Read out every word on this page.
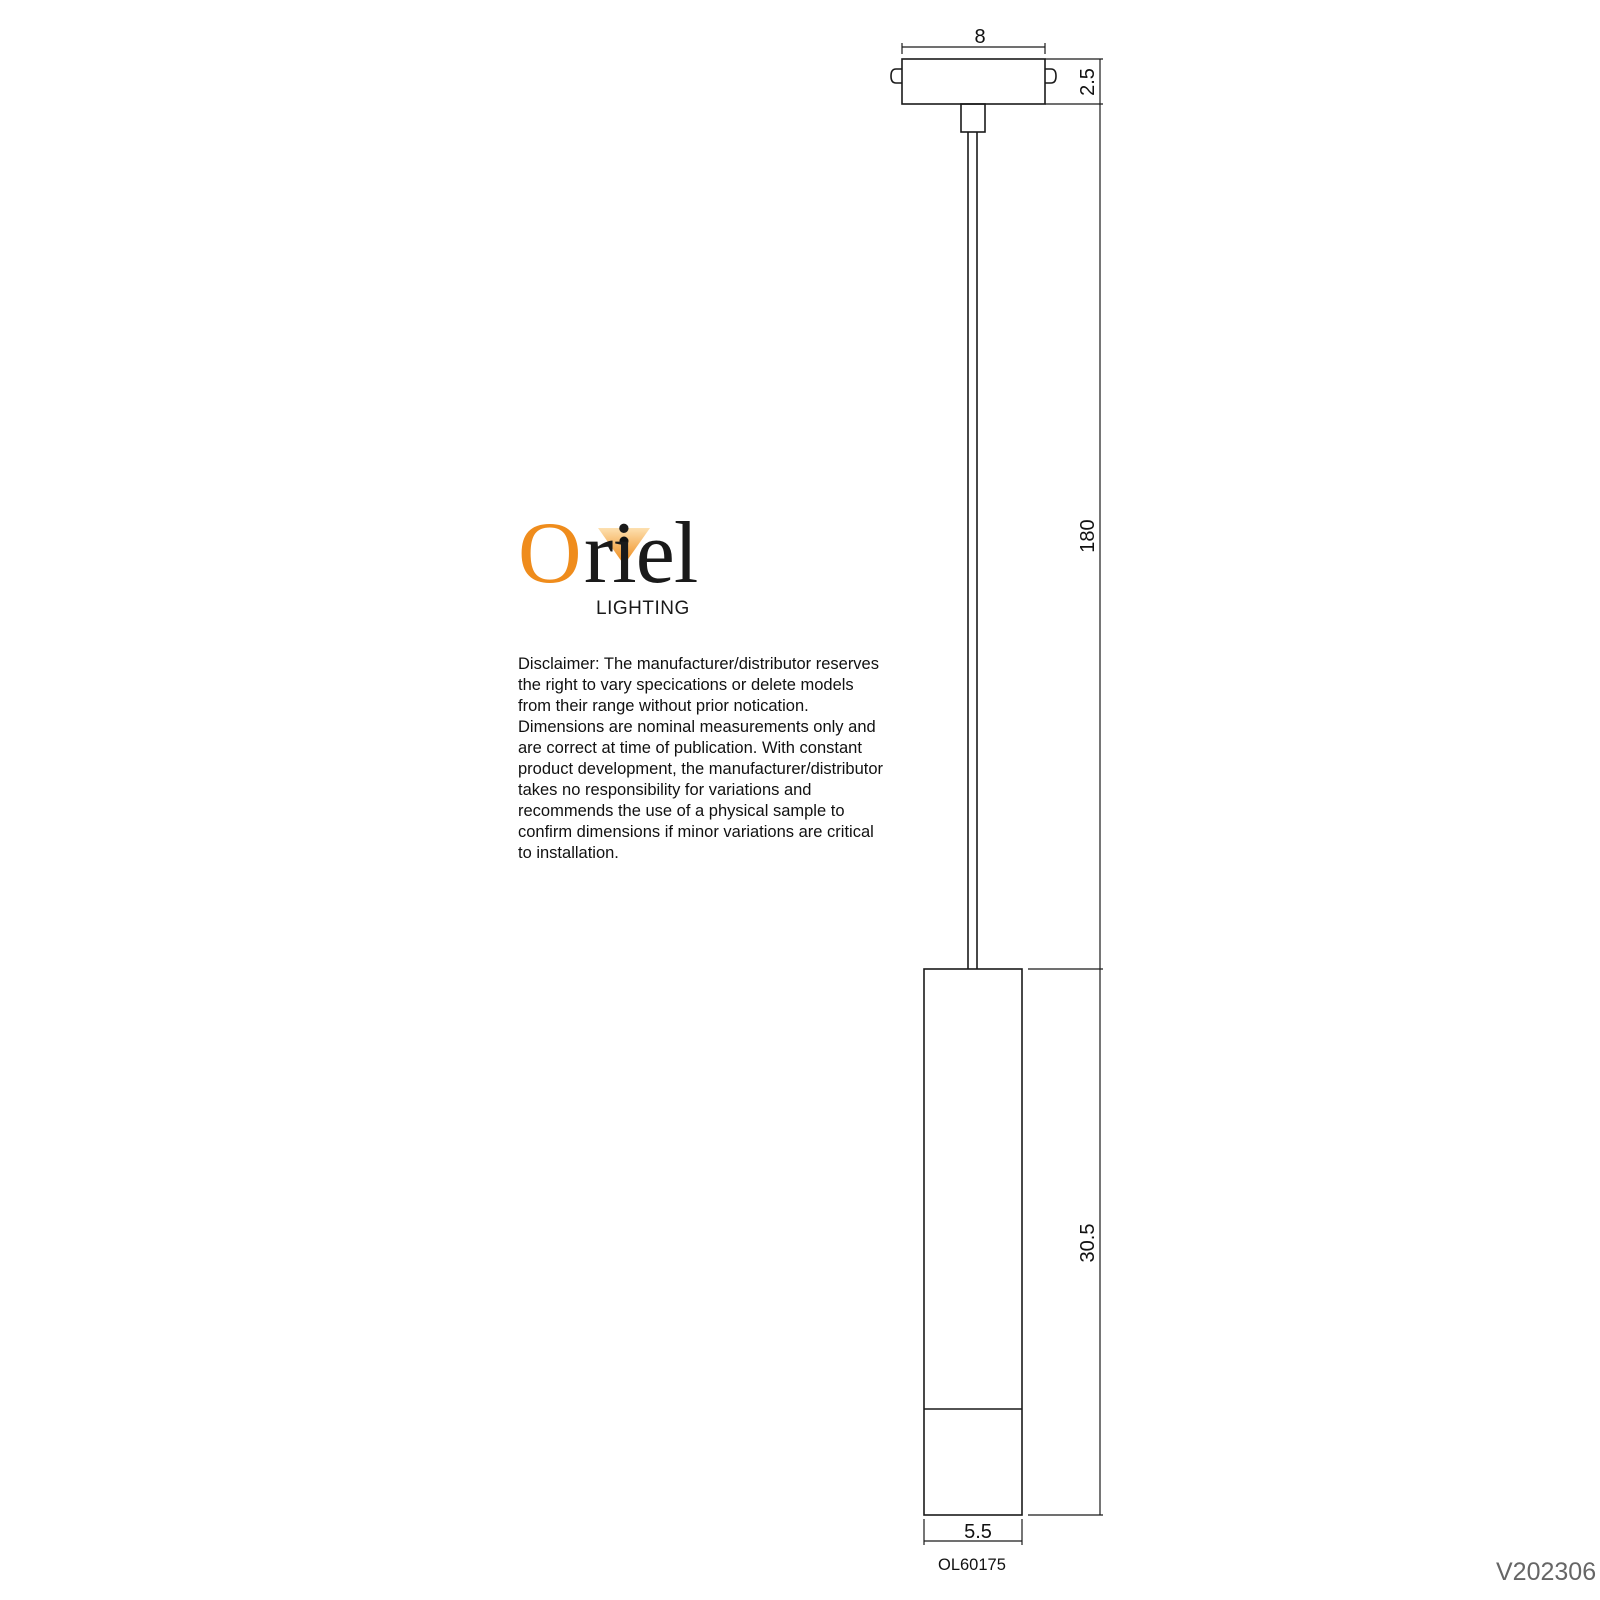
8
2.5
180
30.5
5.5
O riel
LIGHTING

Disclaimer: The manufacturer/distributor reserves
the right to vary specications or delete models
from their range without prior notication.
Dimensions are nominal measurements only and
are correct at time of publication. With constant
product development, the manufacturer/distributor
takes no responsibility for variations and
recommends the use of a physical sample to
confirm dimensions if minor variations are critical
to installation.

OL60175	V202306
